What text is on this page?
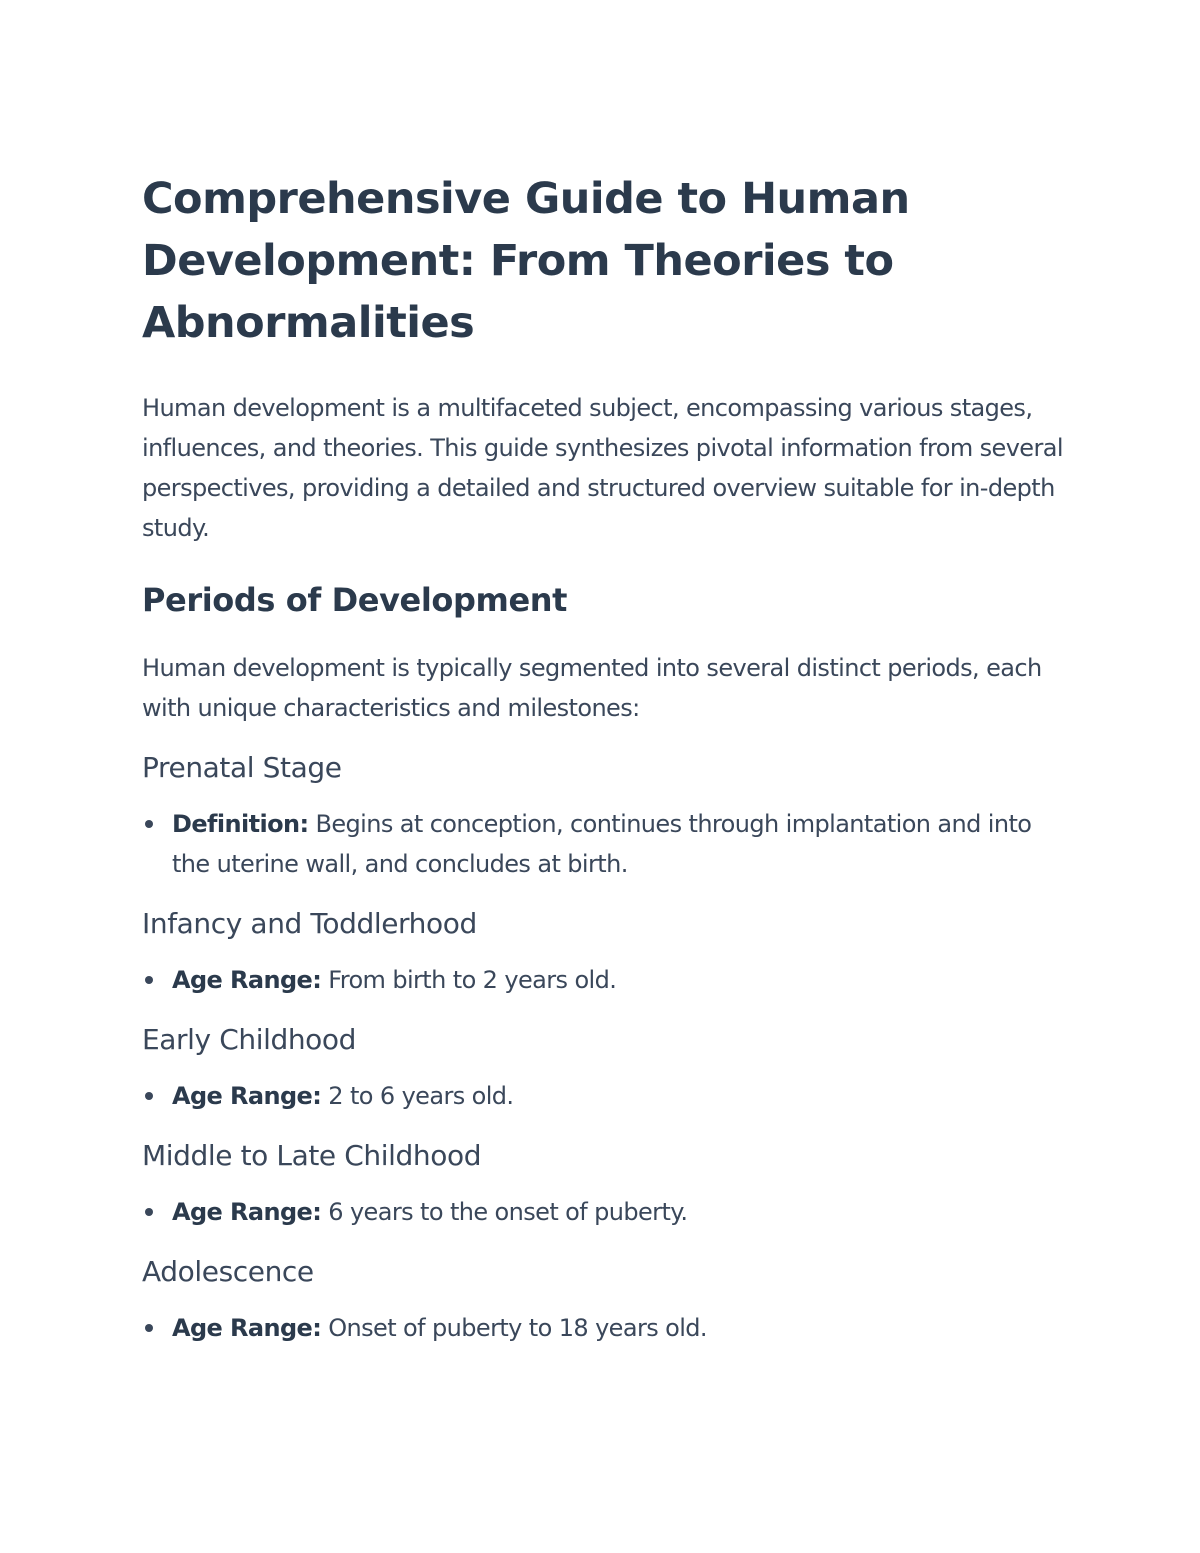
Comprehensive Guide to Human Development: From Theories to Abnormalities

Human development is a multifaceted subject, encompassing various stages, influences, and theories. This guide synthesizes pivotal information from several perspectives, providing a detailed and structured overview suitable for in-depth study.

Periods of Development

Human development is typically segmented into several distinct periods, each with unique characteristics and milestones:

Prenatal Stage
Definition: Begins at conception, continues through implantation and into the uterine wall, and concludes at birth.
Infancy and Toddlerhood
Age Range: From birth to 2 years old.
Early Childhood
Age Range: 2 to 6 years old.
Middle to Late Childhood
Age Range: 6 years to the onset of puberty.
Adolescence
Age Range: Onset of puberty to 18 years old.
